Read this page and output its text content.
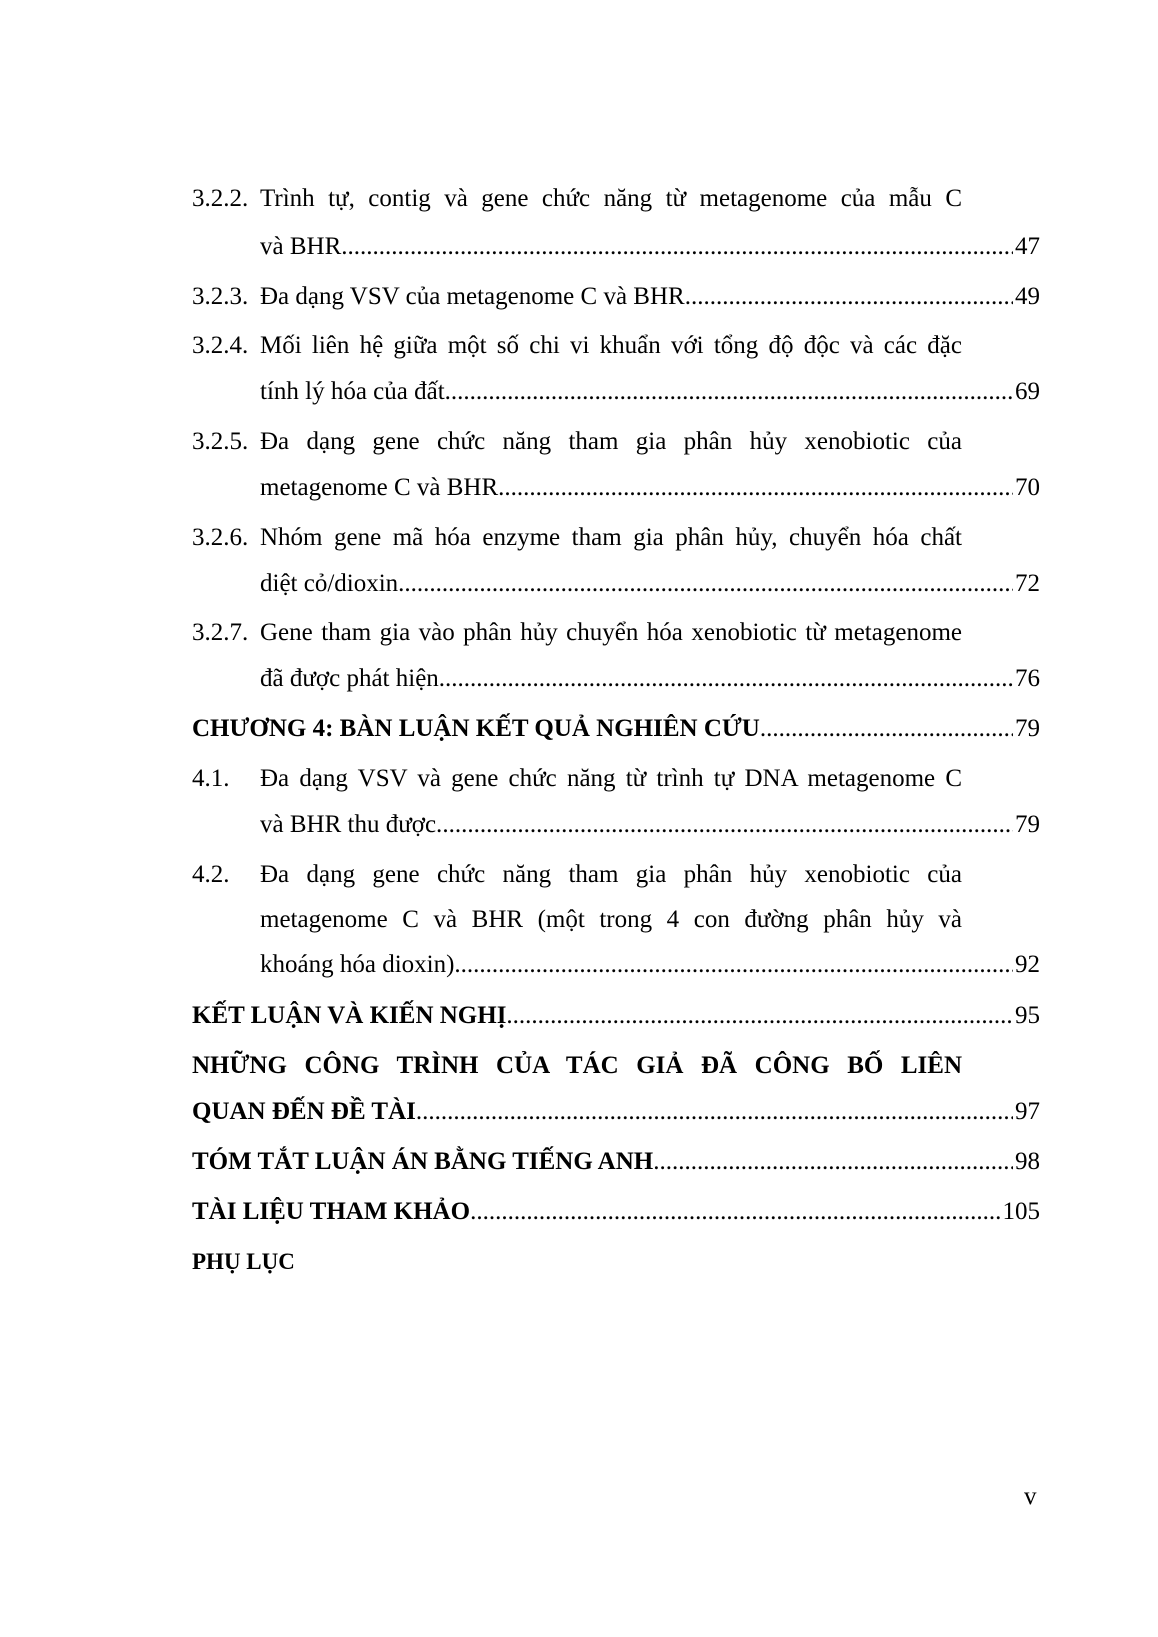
3.2.2. Trình tự, contig và gene chức năng từ metagenome của mẫu C
và BHR .....	47
3.2.3. Đa dạng VSV của metagenome C và BHR .....	49
3.2.4. Mối liên hệ giữa một số chi vi khuẩn với tổng độ độc và các đặc
tính lý hóa của đất .....	69
3.2.5. Đa dạng gene chức năng tham gia phân hủy xenobiotic của
metagenome C và BHR .....	70
3.2.6. Nhóm gene mã hóa enzyme tham gia phân hủy, chuyển hóa chất
diệt cỏ/dioxin .....	72
3.2.7. Gene tham gia vào phân hủy chuyển hóa xenobiotic từ metagenome
đã được phát hiện .....	76
CHƯƠNG 4: BÀN LUẬN KẾT QUẢ NGHIÊN CỨU .....	79
4.1. Đa dạng VSV và gene chức năng từ trình tự DNA metagenome C
và BHR thu được. .....	79
4.2. Đa dạng gene chức năng tham gia phân hủy xenobiotic của
metagenome C và BHR (một trong 4 con đường phân hủy và
khoáng hóa dioxin). .....	92
KẾT LUẬN VÀ KIẾN NGHỊ .....	95
NHỮNG CÔNG TRÌNH CỦA TÁC GIẢ ĐÃ CÔNG BỐ LIÊN
QUAN ĐẾN ĐỀ TÀI .....	97
TÓM TẮT LUẬN ÁN BẰNG TIẾNG ANH .....	98
TÀI LIỆU THAM KHẢO .....	105
PHỤ LỤC
v
